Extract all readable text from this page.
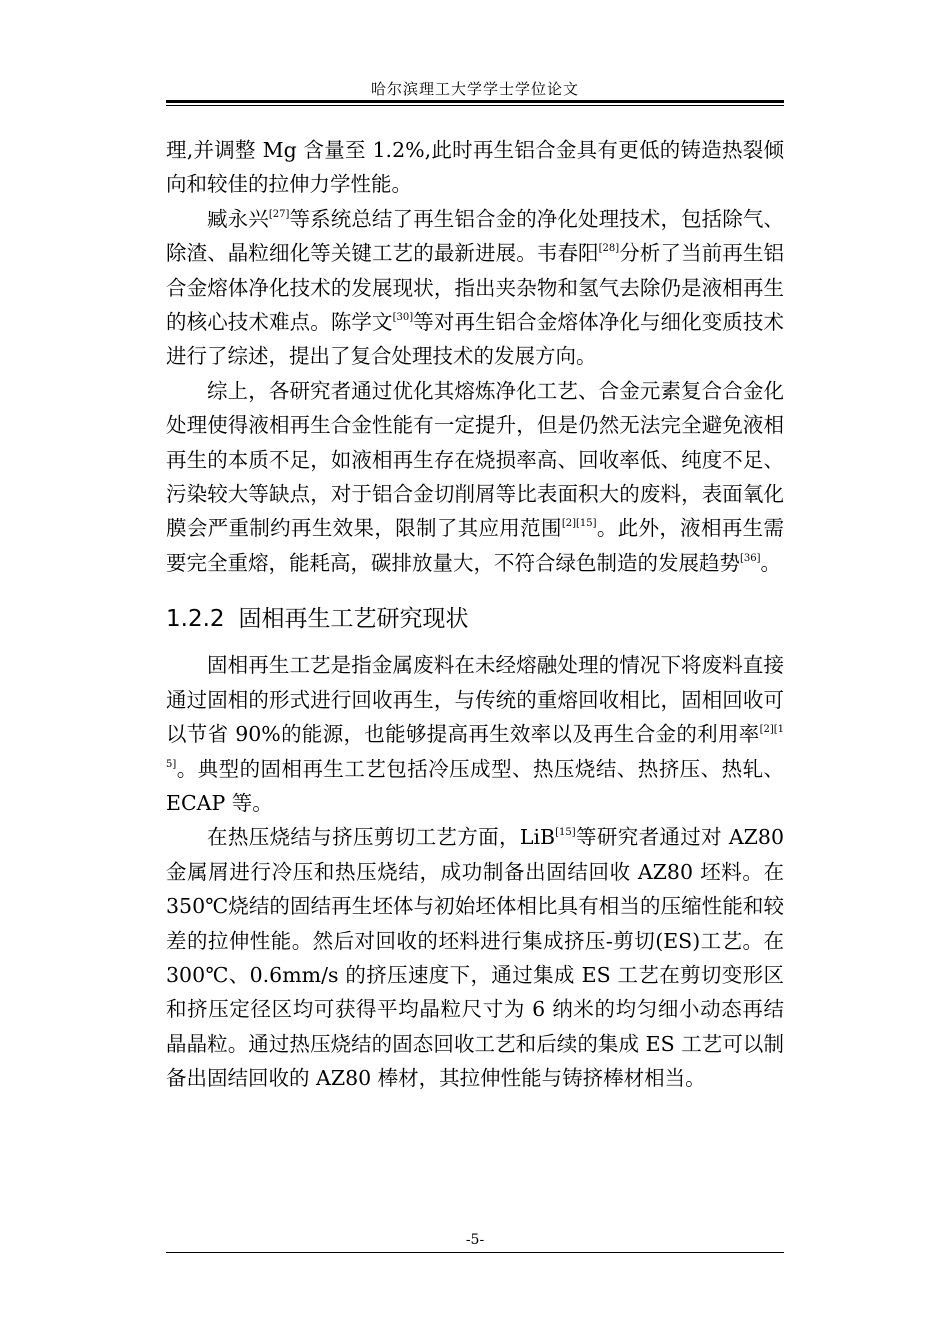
哈尔滨理工大学学士学位论文

理,并调整 Mg 含量至 1.2%,此时再生铝合金具有更低的铸造热裂倾向和较佳的拉伸力学性能。

臧永兴[27]等系统总结了再生铝合金的净化处理技术，包括除气、除渣、晶粒细化等关键工艺的最新进展。韦春阳[28]分析了当前再生铝合金熔体净化技术的发展现状，指出夹杂物和氢气去除仍是液相再生的核心技术难点。陈学文[30]等对再生铝合金熔体净化与细化变质技术进行了综述，提出了复合处理技术的发展方向。

综上，各研究者通过优化其熔炼净化工艺、合金元素复合合金化处理使得液相再生合金性能有一定提升，但是仍然无法完全避免液相再生的本质不足，如液相再生存在烧损率高、回收率低、纯度不足、污染较大等缺点，对于铝合金切削屑等比表面积大的废料，表面氧化膜会严重制约再生效果，限制了其应用范围[2][15]。此外，液相再生需要完全重熔，能耗高，碳排放量大，不符合绿色制造的发展趋势[36]。

1.2.2 固相再生工艺研究现状

固相再生工艺是指金属废料在未经熔融处理的情况下将废料直接通过固相的形式进行回收再生，与传统的重熔回收相比，固相回收可以节省 90%的能源，也能够提高再生效率以及再生合金的利用率[2][15]。典型的固相再生工艺包括冷压成型、热压烧结、热挤压、热轧、ECAP 等。

在热压烧结与挤压剪切工艺方面，LiB[15]等研究者通过对 AZ80 金属屑进行冷压和热压烧结，成功制备出固结回收 AZ80 坯料。在 350℃烧结的固结再生坯体与初始坯体相比具有相当的压缩性能和较差的拉伸性能。然后对回收的坯料进行集成挤压-剪切(ES)工艺。在 300℃、0.6mm/s 的挤压速度下，通过集成 ES 工艺在剪切变形区和挤压定径区均可获得平均晶粒尺寸为 6 纳米的均匀细小动态再结晶晶粒。通过热压烧结的固态回收工艺和后续的集成 ES 工艺可以制备出固结回收的 AZ80 棒材，其拉伸性能与铸挤棒材相当。

-5-
